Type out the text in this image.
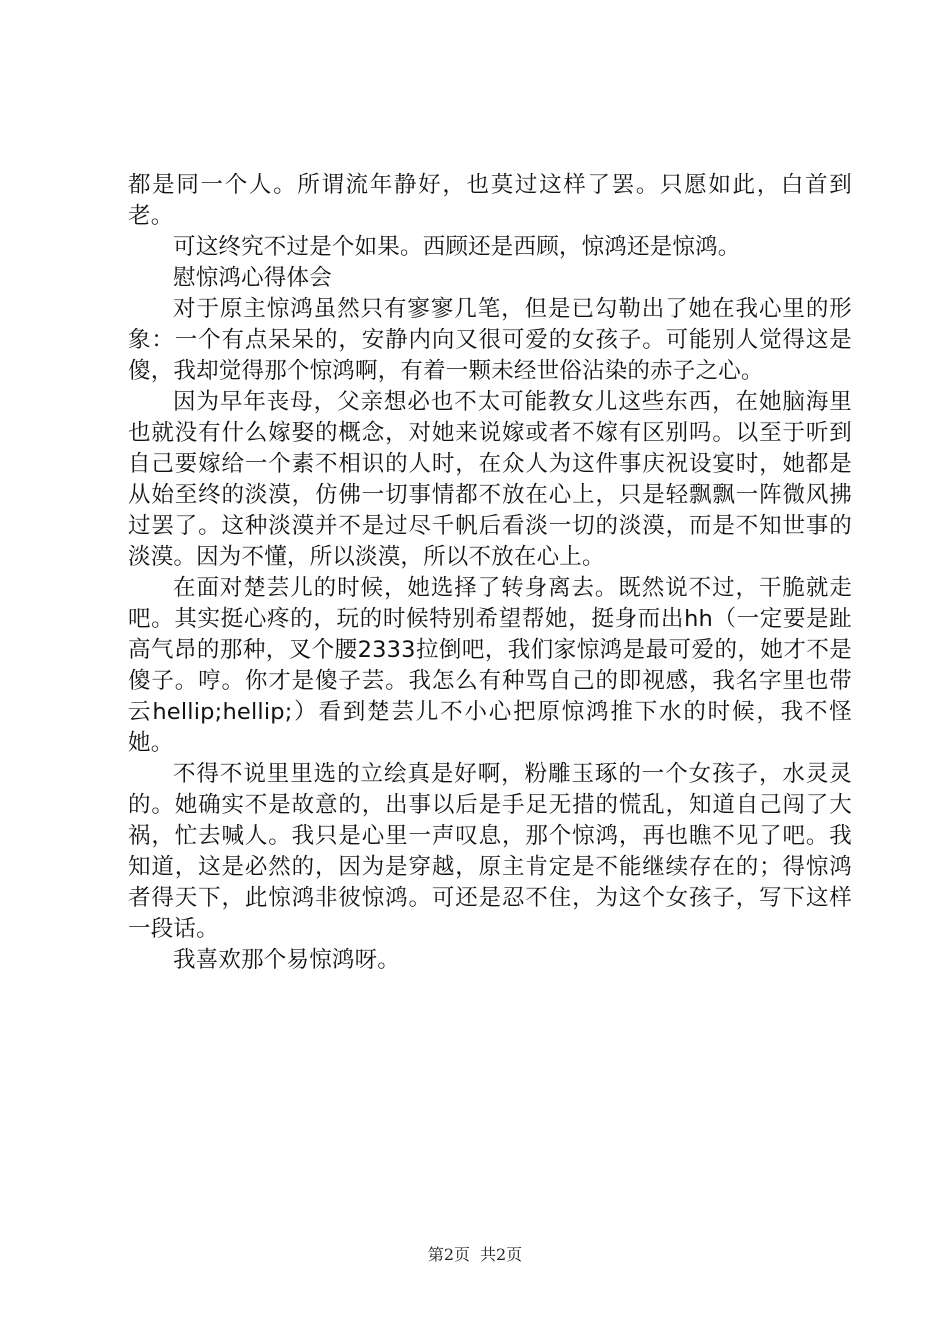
都是同一个人。所谓流年静好，也莫过这样了罢。只愿如此，白首到老。

可这终究不过是个如果。西顾还是西顾，惊鸿还是惊鸿。

慰惊鸿心得体会

对于原主惊鸿虽然只有寥寥几笔，但是已勾勒出了她在我心里的形象：一个有点呆呆的，安静内向又很可爱的女孩子。可能别人觉得这是傻，我却觉得那个惊鸿啊，有着一颗未经世俗沾染的赤子之心。

因为早年丧母，父亲想必也不太可能教女儿这些东西，在她脑海里也就没有什么嫁娶的概念，对她来说嫁或者不嫁有区别吗。以至于听到自己要嫁给一个素不相识的人时，在众人为这件事庆祝设宴时，她都是从始至终的淡漠，仿佛一切事情都不放在心上，只是轻飘飘一阵微风拂过罢了。这种淡漠并不是过尽千帆后看淡一切的淡漠，而是不知世事的淡漠。因为不懂，所以淡漠，所以不放在心上。

在面对楚芸儿的时候，她选择了转身离去。既然说不过，干脆就走吧。其实挺心疼的，玩的时候特别希望帮她，挺身而出hh（一定要是趾高气昂的那种，叉个腰2333拉倒吧，我们家惊鸿是最可爱的，她才不是傻子。哼。你才是傻子芸。我怎么有种骂自己的即视感，我名字里也带云hellip;hellip;）看到楚芸儿不小心把原惊鸿推下水的时候，我不怪她。

不得不说里里选的立绘真是好啊，粉雕玉琢的一个女孩子，水灵灵的。她确实不是故意的，出事以后是手足无措的慌乱，知道自己闯了大祸，忙去喊人。我只是心里一声叹息，那个惊鸿，再也瞧不见了吧。我知道，这是必然的，因为是穿越，原主肯定是不能继续存在的；得惊鸿者得天下，此惊鸿非彼惊鸿。可还是忍不住，为这个女孩子，写下这样一段话。

我喜欢那个易惊鸿呀。

第2页 共2页
